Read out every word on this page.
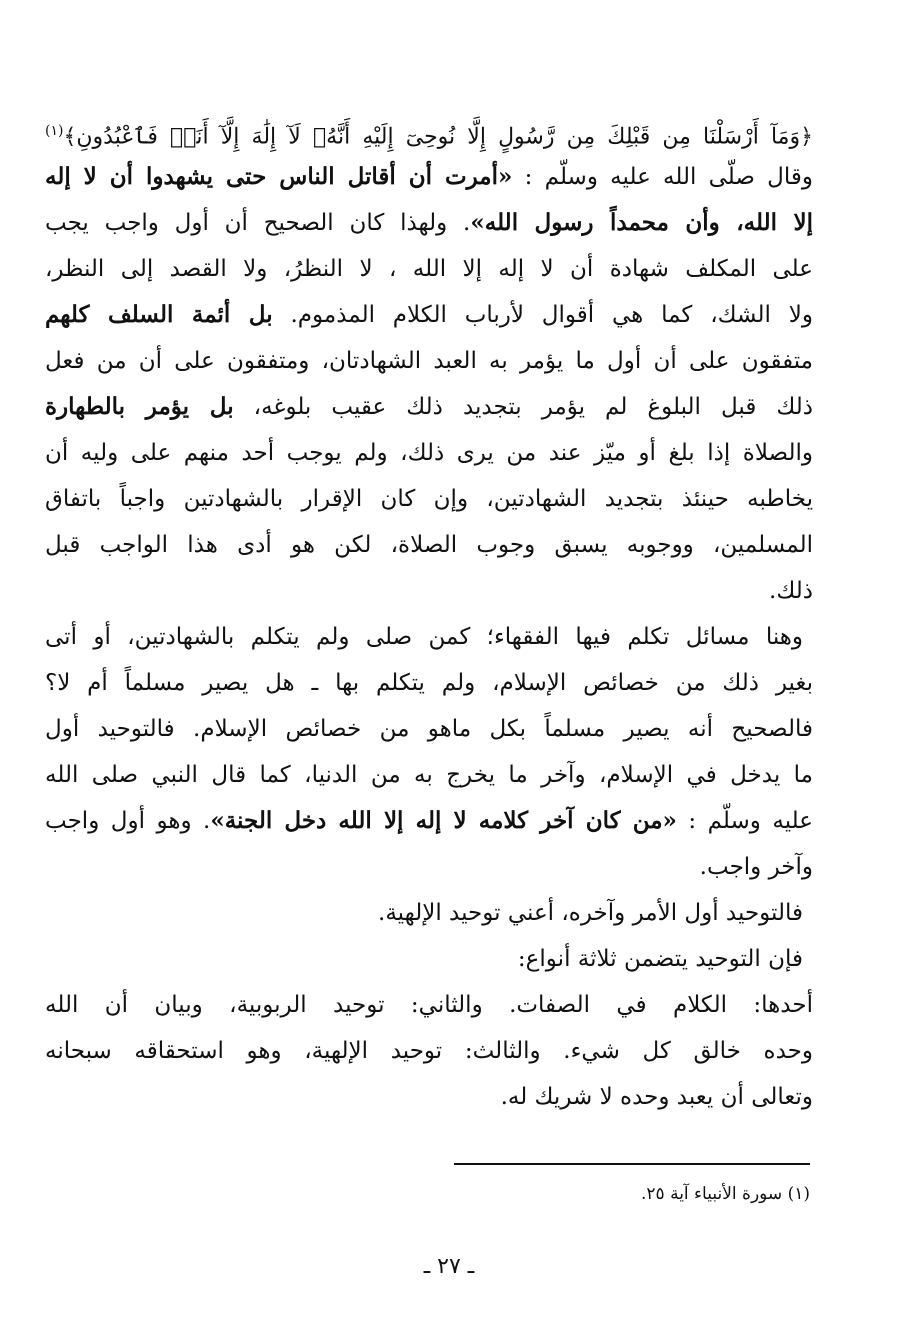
﴿وَمَآ أَرْسَلْنَا مِن قَبْلِكَ مِن رَّسُولٍ إِلَّا نُوحِىٓ إِلَيْهِ أَنَّهُۥ لَآ إِلَٰهَ إِلَّآ أَنَا۠ فَٱعْبُدُونِ﴾$^{(١)}$
وقال صلّى الله عليه وسلّم : «أمرت أن أقاتل الناس حتى يشهدوا أن لا إله
إلا الله، وأن محمداً رسول الله». ولهذا كان الصحيح أن أول واجب يجب
على المكلف شهادة أن لا إله إلا الله ، لا النظرُ، ولا القصد إلى النظر،
ولا الشك، كما هي أقوال لأرباب الكلام المذموم. بل أئمة السلف كلهم
متفقون على أن أول ما يؤمر به العبد الشهادتان، ومتفقون على أن من فعل
ذلك قبل البلوغ لم يؤمر بتجديد ذلك عقيب بلوغه، بل يؤمر بالطهارة
والصلاة إذا بلغ أو ميّز عند من يرى ذلك، ولم يوجب أحد منهم على وليه أن
يخاطبه حينئذ بتجديد الشهادتين، وإن كان الإقرار بالشهادتين واجباً باتفاق
المسلمين، ووجوبه يسبق وجوب الصلاة، لكن هو أدى هذا الواجب قبل
ذلك.
وهنا مسائل تكلم فيها الفقهاء؛ كمن صلى ولم يتكلم بالشهادتين، أو أتى
بغير ذلك من خصائص الإسلام، ولم يتكلم بها ـ هل يصير مسلماً أم لا؟
فالصحيح أنه يصير مسلماً بكل ماهو من خصائص الإسلام. فالتوحيد أول
ما يدخل في الإسلام، وآخر ما يخرج به من الدنيا، كما قال النبي صلى الله
عليه وسلّم : «من كان آخر كلامه لا إله إلا الله دخل الجنة». وهو أول واجب
وآخر واجب.
فالتوحيد أول الأمر وآخره، أعني توحيد الإلهية.
فإن التوحيد يتضمن ثلاثة أنواع:
أحدها: الكلام في الصفات. والثاني: توحيد الربوبية، وبيان أن الله
وحده خالق كل شيء. والثالث: توحيد الإلهية، وهو استحقاقه سبحانه
وتعالى أن يعبد وحده لا شريك له.
(١) سورة الأنبياء آية ٢٥.
ـ ٢٧ ـ
